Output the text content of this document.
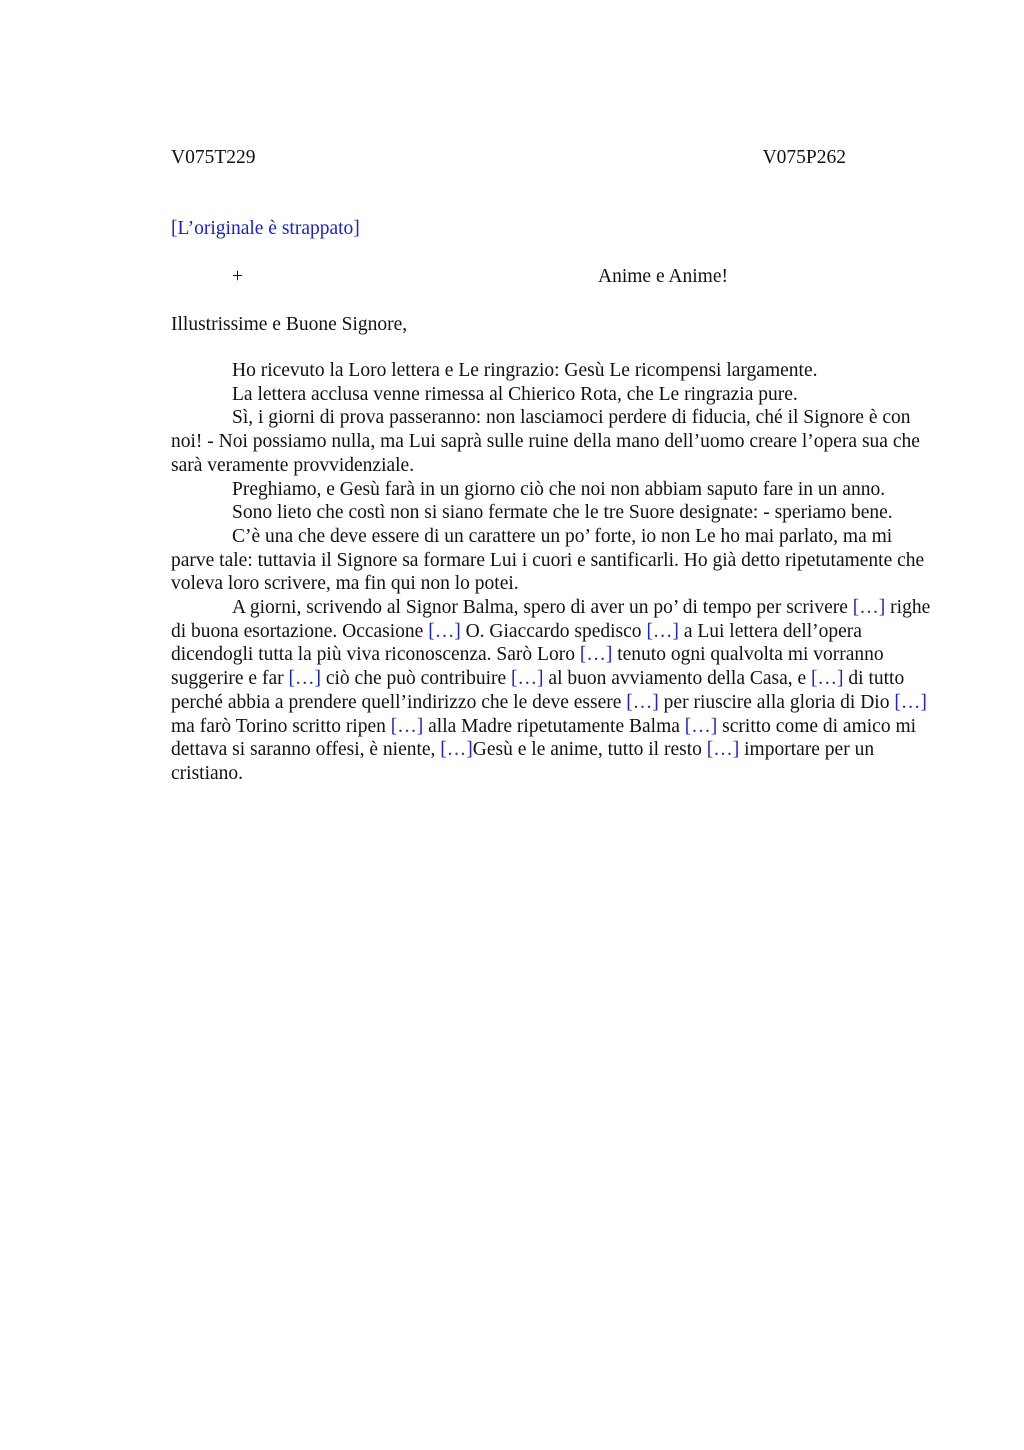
V075T229	V075P262
[L’originale è strappato]
+	Anime e Anime!
Illustrissime e Buone Signore,

Ho ricevuto la Loro lettera e Le ringrazio: Gesù Le ricompensi largamente.

La lettera acclusa venne rimessa al Chierico Rota, che Le ringrazia pure.

Sì, i giorni di prova passeranno: non lasciamoci perdere di fiducia, ché il Signore è con noi! - Noi possiamo nulla, ma Lui saprà sulle ruine della mano dell’uomo creare l’opera sua che sarà veramente provvidenziale.

Preghiamo, e Gesù farà in un giorno ciò che noi non abbiam saputo fare in un anno.

Sono lieto che costì non si siano fermate che le tre Suore designate: - speriamo bene.

C’è una che deve essere di un carattere un po’ forte, io non Le ho mai parlato, ma mi parve tale: tuttavia il Signore sa formare Lui i cuori e santificarli. Ho già detto ripetutamente che voleva loro scrivere, ma fin qui non lo potei.

A giorni, scrivendo al Signor Balma, spero di aver un po’ di tempo per scrivere […] righe di buona esortazione. Occasione […] O. Giaccardo spedisco […] a Lui lettera dell’opera dicendogli tutta la più viva riconoscenza. Sarò Loro […] tenuto ogni qualvolta mi vorranno suggerire e far […] ciò che può contribuire […] al buon avviamento della Casa, e […] di tutto perché abbia a prendere quell’indirizzo che le deve essere […] per riuscire alla gloria di Dio […] ma farò Torino scritto ripen […] alla Madre ripetutamente Balma […] scritto come di amico mi dettava si saranno offesi, è niente, […]Gesù e le anime, tutto il resto […] importare per un cristiano.
